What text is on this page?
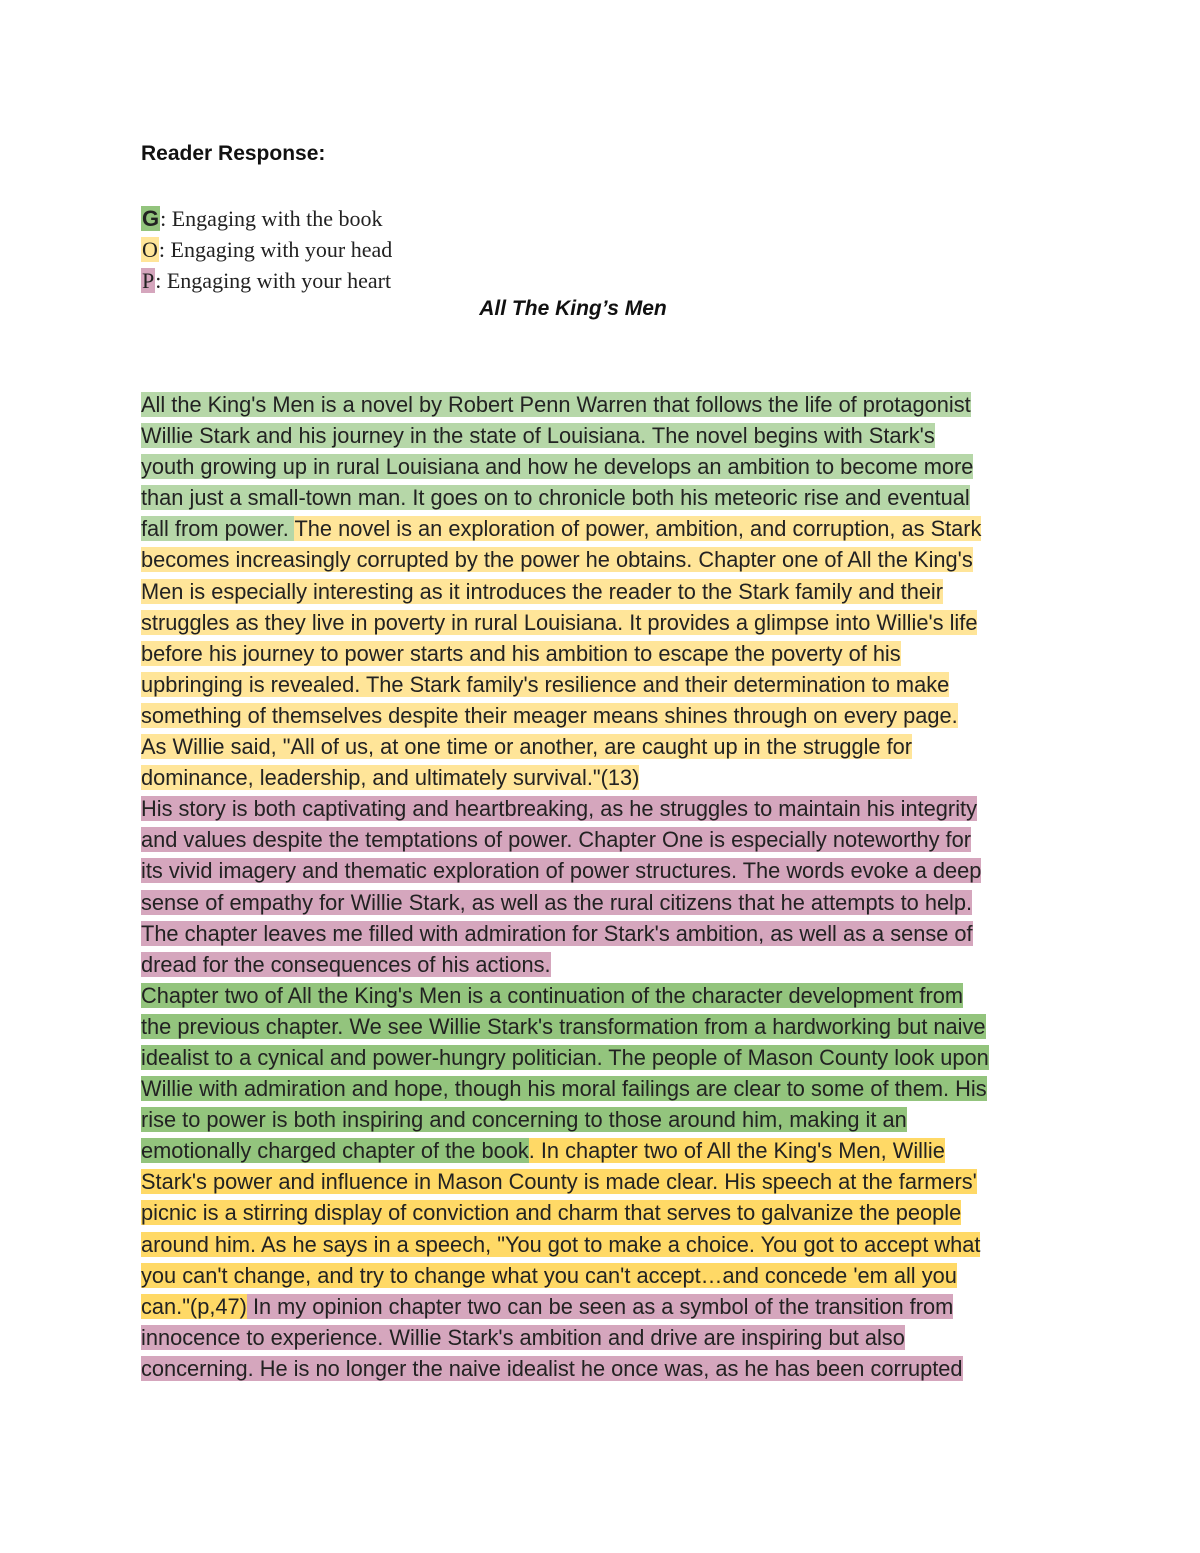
Reader Response:
G: Engaging with the book
O: Engaging with your head
P: Engaging with your heart
All The King’s Men
All the King's Men is a novel by Robert Penn Warren that follows the life of protagonist
Willie Stark and his journey in the state of Louisiana. The novel begins with Stark's
youth growing up in rural Louisiana and how he develops an ambition to become more
than just a small-town man. It goes on to chronicle both his meteoric rise and eventual
fall from power. The novel is an exploration of power, ambition, and corruption, as Stark
becomes increasingly corrupted by the power he obtains. Chapter one of All the King's
Men is especially interesting as it introduces the reader to the Stark family and their
struggles as they live in poverty in rural Louisiana. It provides a glimpse into Willie's life
before his journey to power starts and his ambition to escape the poverty of his
upbringing is revealed. The Stark family's resilience and their determination to make
something of themselves despite their meager means shines through on every page.
As Willie said, "All of us, at one time or another, are caught up in the struggle for
dominance, leadership, and ultimately survival."(13)
His story is both captivating and heartbreaking, as he struggles to maintain his integrity
and values despite the temptations of power. Chapter One is especially noteworthy for
its vivid imagery and thematic exploration of power structures. The words evoke a deep
sense of empathy for Willie Stark, as well as the rural citizens that he attempts to help.
The chapter leaves me filled with admiration for Stark's ambition, as well as a sense of
dread for the consequences of his actions.
Chapter two of All the King's Men is a continuation of the character development from
the previous chapter. We see Willie Stark's transformation from a hardworking but naive
idealist to a cynical and power-hungry politician. The people of Mason County look upon
Willie with admiration and hope, though his moral failings are clear to some of them. His
rise to power is both inspiring and concerning to those around him, making it an
emotionally charged chapter of the book. In chapter two of All the King's Men, Willie
Stark's power and influence in Mason County is made clear. His speech at the farmers'
picnic is a stirring display of conviction and charm that serves to galvanize the people
around him. As he says in a speech, "You got to make a choice. You got to accept what
you can't change, and try to change what you can't accept…and concede 'em all you
can."(p,47) In my opinion chapter two can be seen as a symbol of the transition from
innocence to experience. Willie Stark's ambition and drive are inspiring but also
concerning. He is no longer the naive idealist he once was, as he has been corrupted
